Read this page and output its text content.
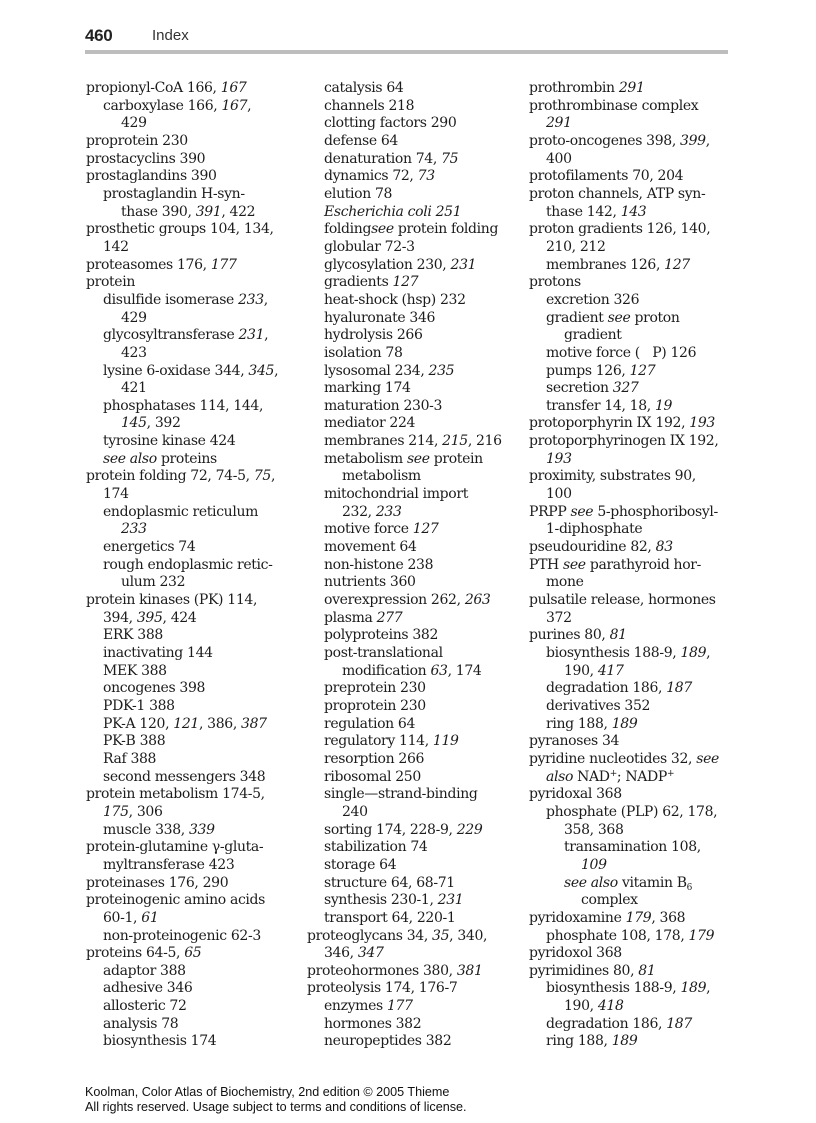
460	Index
propionyl-CoA 166, 167
carboxylase 166, 167,
429
proprotein 230
prostacyclins 390
prostaglandins 390
prostaglandin H-syn-
thase 390, 391, 422
prosthetic groups 104, 134,
142
proteasomes 176, 177
protein
disulfide isomerase 233,
429
glycosyltransferase 231,
423
lysine 6-oxidase 344, 345,
421
phosphatases 114, 144,
145, 392
tyrosine kinase 424
see also proteins
protein folding 72, 74-5, 75,
174
endoplasmic reticulum
233
energetics 74
rough endoplasmic retic-
ulum 232
protein kinases (PK) 114,
394, 395, 424
ERK 388
inactivating 144
MEK 388
oncogenes 398
PDK-1 388
PK-A 120, 121, 386, 387
PK-B 388
Raf 388
second messengers 348
protein metabolism 174-5,
175, 306
muscle 338, 339
protein-glutamine γ-gluta-
myltransferase 423
proteinases 176, 290
proteinogenic amino acids
60-1, 61
non-proteinogenic 62-3
proteins 64-5, 65
adaptor 388
adhesive 346
allosteric 72
analysis 78
biosynthesis 174
catalysis 64
channels 218
clotting factors 290
defense 64
denaturation 74, 75
dynamics 72, 73
elution 78
Escherichia coli 251
foldingsee protein folding
globular 72-3
glycosylation 230, 231
gradients 127
heat-shock (hsp) 232
hyaluronate 346
hydrolysis 266
isolation 78
lysosomal 234, 235
marking 174
maturation 230-3
mediator 224
membranes 214, 215, 216
metabolism see protein
metabolism
mitochondrial import
232, 233
motive force 127
movement 64
non-histone 238
nutrients 360
overexpression 262, 263
plasma 277
polyproteins 382
post-translational
modification 63, 174
preprotein 230
proprotein 230
regulation 64
regulatory 114, 119
resorption 266
ribosomal 250
single—strand-binding
240
sorting 174, 228-9, 229
stabilization 74
storage 64
structure 64, 68-71
synthesis 230-1, 231
transport 64, 220-1
proteoglycans 34, 35, 340,
346, 347
proteohormones 380, 381
proteolysis 174, 176-7
enzymes 177
hormones 382
neuropeptides 382
prothrombin 291
prothrombinase complex
291
proto-oncogenes 398, 399,
400
protofilaments 70, 204
proton channels, ATP syn-
thase 142, 143
proton gradients 126, 140,
210, 212
membranes 126, 127
protons
excretion 326
gradient see proton
gradient
motive force (   P) 126
pumps 126, 127
secretion 327
transfer 14, 18, 19
protoporphyrin IX 192, 193
protoporphyrinogen IX 192,
193
proximity, substrates 90,
100
PRPP see 5-phosphoribosyl-
1-diphosphate
pseudouridine 82, 83
PTH see parathyroid hor-
mone
pulsatile release, hormones
372
purines 80, 81
biosynthesis 188-9, 189,
190, 417
degradation 186, 187
derivatives 352
ring 188, 189
pyranoses 34
pyridine nucleotides 32, see
also NAD+; NADP+
pyridoxal 368
phosphate (PLP) 62, 178,
358, 368
transamination 108,
109
see also vitamin $B_6$
complex
pyridoxamine 179, 368
phosphate 108, 178, 179
pyridoxol 368
pyrimidines 80, 81
biosynthesis 188-9, 189,
190, 418
degradation 186, 187
ring 188, 189
Koolman, Color Atlas of Biochemistry, 2nd edition © 2005 Thieme
All rights reserved. Usage subject to terms and conditions of license.
